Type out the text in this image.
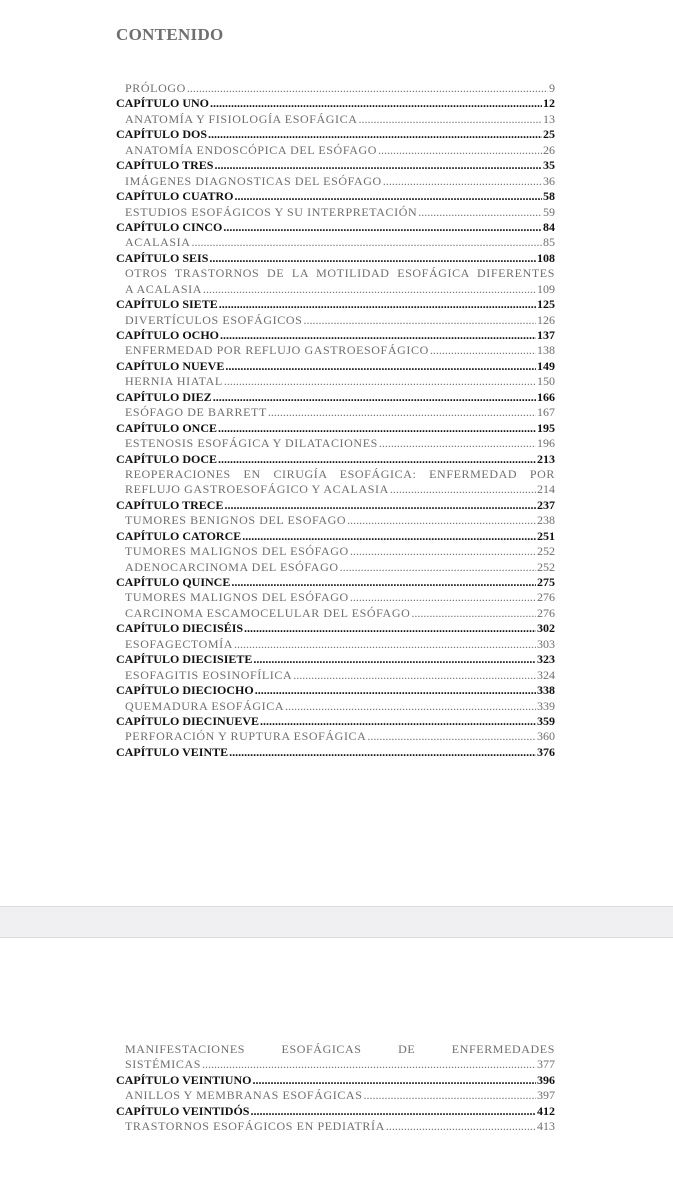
CONTENIDO
PRÓLOGO .....	9
CAPÍTULO UNO .....	12
ANATOMÍA Y FISIOLOGÍA ESOFÁGICA .....	13
CAPÍTULO DOS .....	25
ANATOMÍA ENDOSCÓPICA DEL ESÓFAGO .....	26
CAPÍTULO TRES .....	35
IMÁGENES DIAGNOSTICAS DEL ESÓFAGO .....	36
CAPÍTULO CUATRO .....	58
ESTUDIOS ESOFÁGICOS Y SU INTERPRETACIÓN .....	59
CAPÍTULO CINCO .....	84
ACALASIA .....	85
CAPÍTULO SEIS .....	108
OTROS TRASTORNOS DE LA MOTILIDAD ESOFÁGICA DIFERENTES
A ACALASIA .....	109
CAPÍTULO SIETE .....	125
DIVERTÍCULOS ESOFÁGICOS .....	126
CAPÍTULO OCHO .....	137
ENFERMEDAD POR REFLUJO GASTROESOFÁGICO .....	138
CAPÍTULO NUEVE .....	149
HERNIA HIATAL .....	150
CAPÍTULO DIEZ .....	166
ESÓFAGO DE BARRETT .....	167
CAPÍTULO ONCE .....	195
ESTENOSIS ESOFÁGICA Y DILATACIONES .....	196
CAPÍTULO DOCE .....	213
REOPERACIONES EN CIRUGÍA ESOFÁGICA: ENFERMEDAD POR
REFLUJO GASTROESOFÁGICO Y ACALASIA .....	214
CAPÍTULO TRECE .....	237
TUMORES BENIGNOS DEL ESOFAGO .....	238
CAPÍTULO CATORCE .....	251
TUMORES MALIGNOS DEL ESÓFAGO .....	252
ADENOCARCINOMA DEL ESÓFAGO .....	252
CAPÍTULO QUINCE .....	275
TUMORES MALIGNOS DEL ESÓFAGO .....	276
CARCINOMA ESCAMOCELULAR DEL ESÓFAGO .....	276
CAPÍTULO DIECISÉIS .....	302
ESOFAGECTOMÍA .....	303
CAPÍTULO DIECISIETE .....	323
ESOFAGITIS EOSINOFÍLICA .....	324
CAPÍTULO DIECIOCHO .....	338
QUEMADURA ESOFÁGICA .....	339
CAPÍTULO DIECINUEVE .....	359
PERFORACIÓN Y RUPTURA ESOFÁGICA .....	360
CAPÍTULO VEINTE .....	376
MANIFESTACIONES ESOFÁGICAS DE ENFERMEDADES
SISTÉMICAS .....	377
CAPÍTULO VEINTIUNO .....	396
ANILLOS Y MEMBRANAS ESOFÁGICAS .....	397
CAPÍTULO VEINTIDÓS .....	412
TRASTORNOS ESOFÁGICOS EN PEDIATRÍA .....	413
